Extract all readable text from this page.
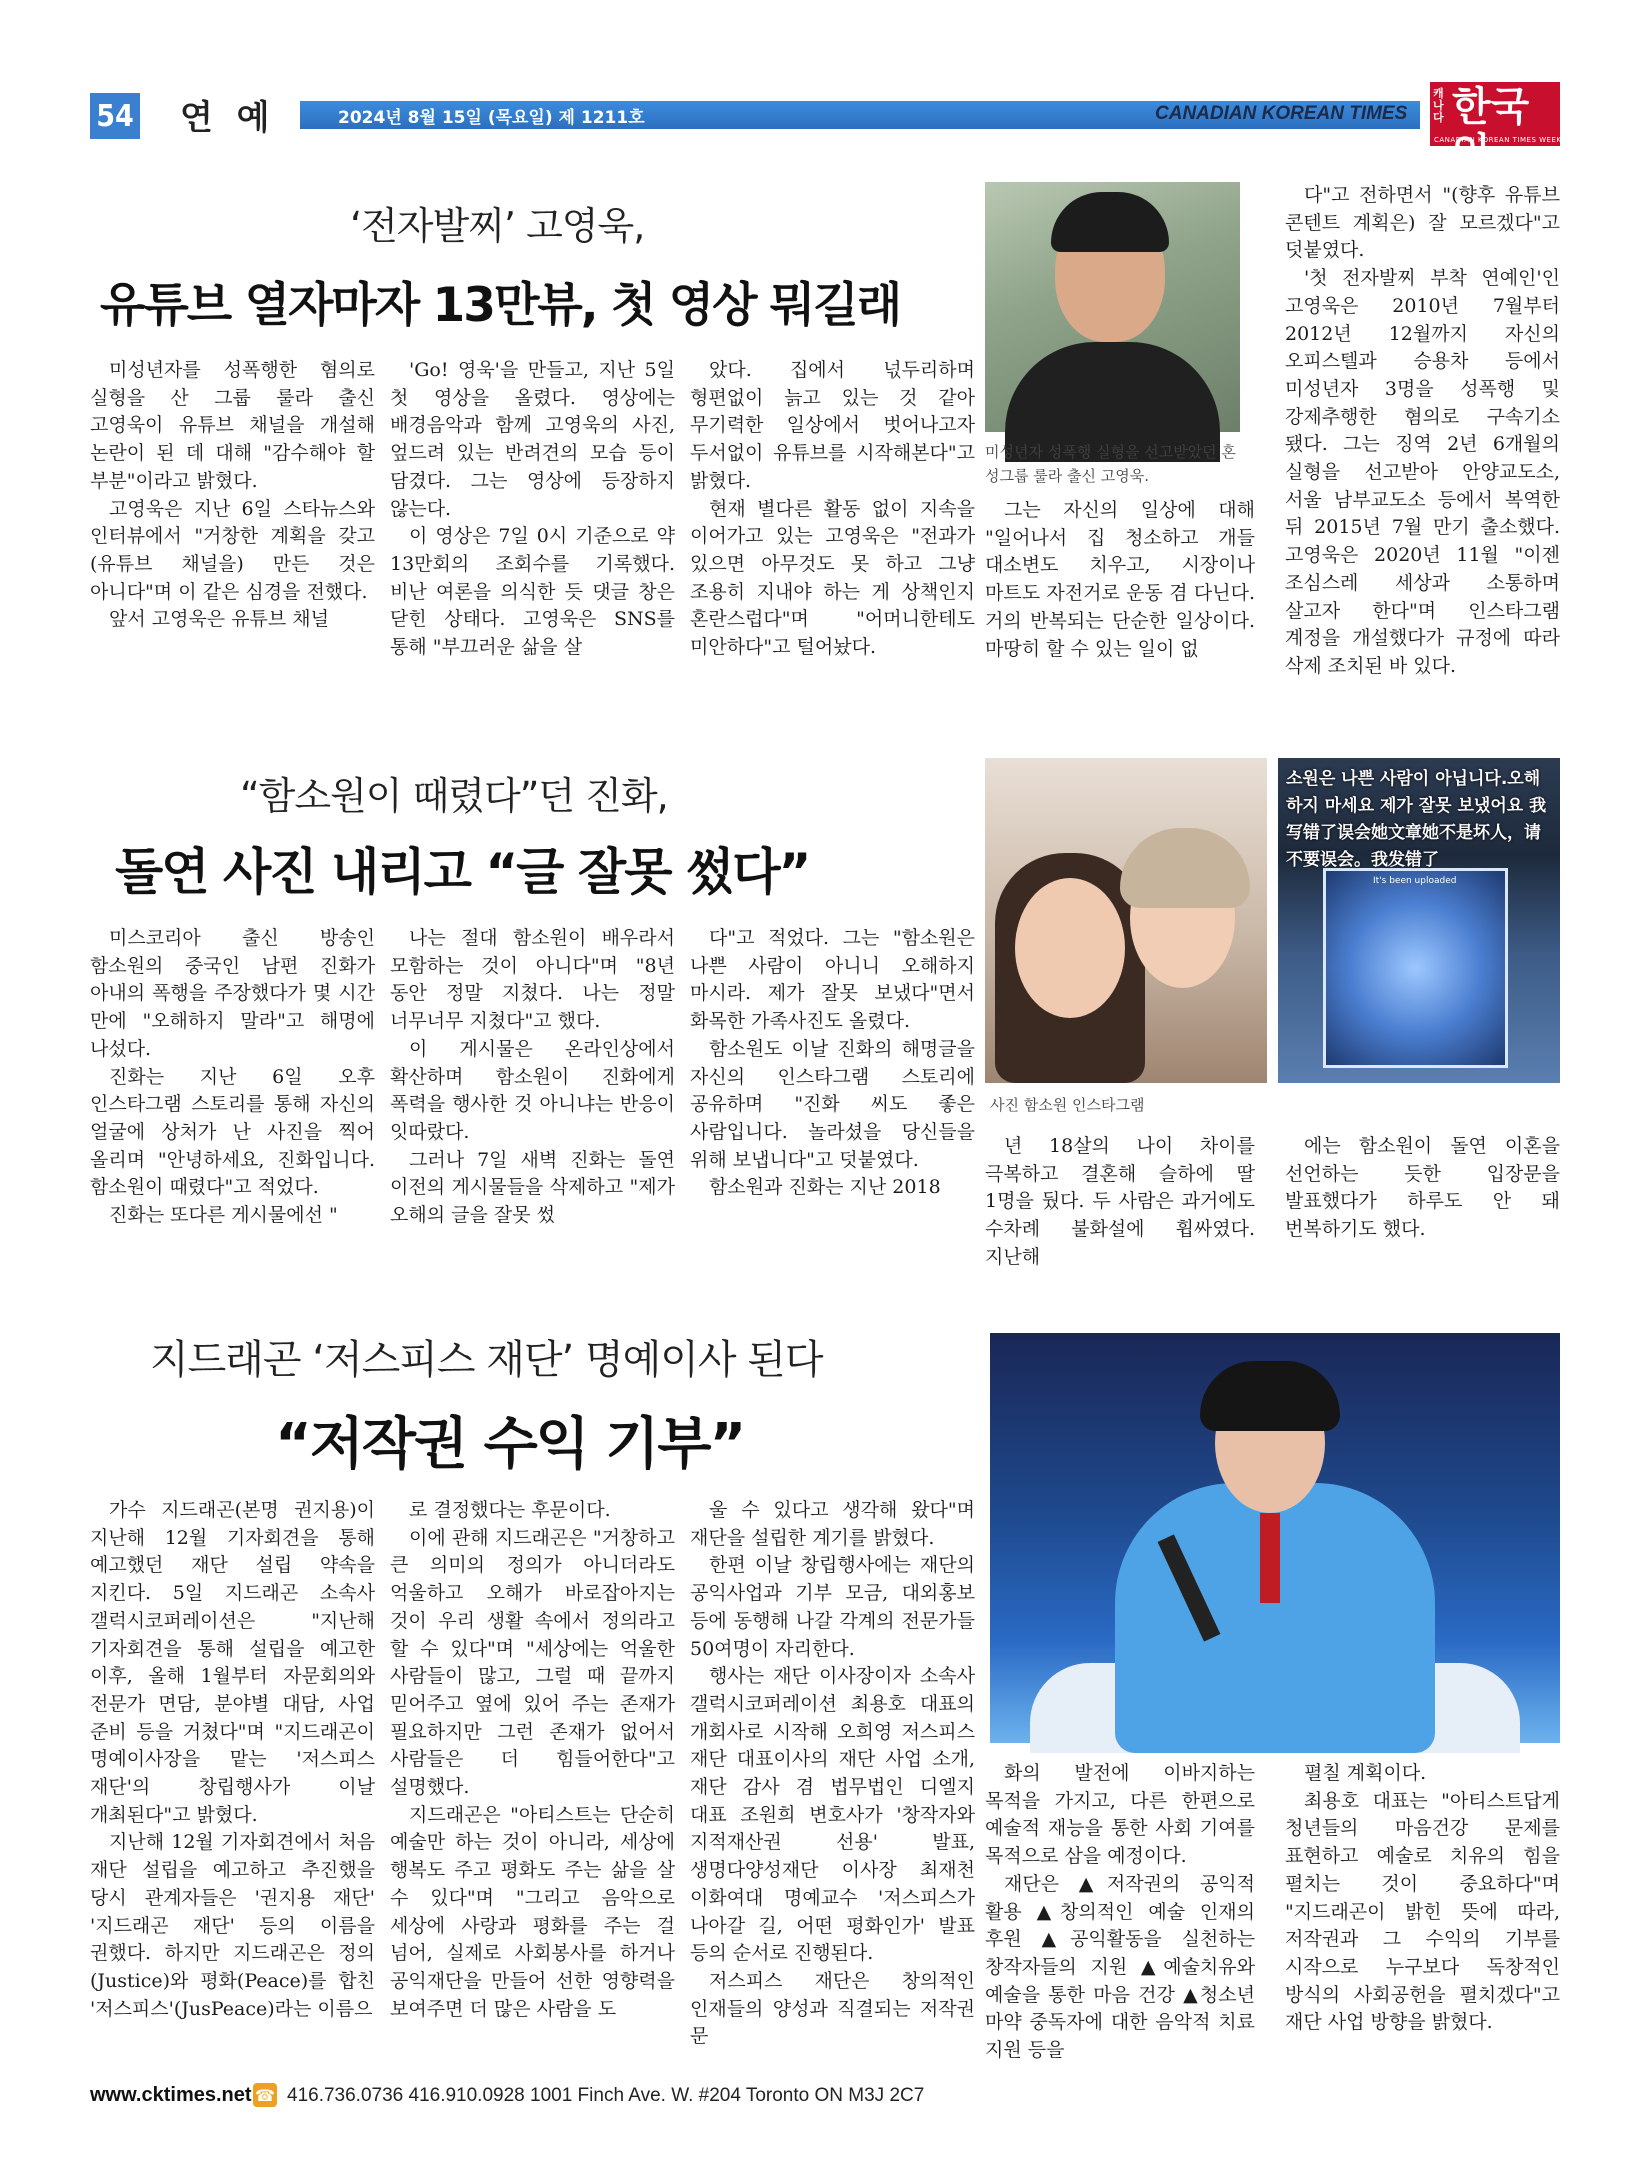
54 연 예	2024년 8월 15일 (목요일) 제 1211호	CANADIAN KOREAN TIMES
캐나다 한국인
CANADIAN KOREAN TIMES WEEKLY
‘전자발찌’ 고영욱,
유튜브 열자마자 13만뷰, 첫 영상 뭐길래

미성년자를 성폭행한 혐의로 실형을 산 그룹 룰라 출신 고영욱이 유튜브 채널을 개설해 논란이 된 데 대해 "감수해야 할 부분"이라고 밝혔다.

고영욱은 지난 6일 스타뉴스와 인터뷰에서 "거창한 계획을 갖고 (유튜브 채널을) 만든 것은 아니다"며 이 같은 심경을 전했다.

앞서 고영욱은 유튜브 채널

'Go! 영욱'을 만들고, 지난 5일 첫 영상을 올렸다. 영상에는 배경음악과 함께 고영욱의 사진, 엎드려 있는 반려견의 모습 등이 담겼다. 그는 영상에 등장하지 않는다.

이 영상은 7일 0시 기준으로 약 13만회의 조회수를 기록했다. 비난 여론을 의식한 듯 댓글 창은 닫힌 상태다. 고영욱은 SNS를 통해 "부끄러운 삶을 살

았다. 집에서 넋두리하며 형편없이 늙고 있는 것 같아 무기력한 일상에서 벗어나고자 두서없이 유튜브를 시작해본다"고 밝혔다.

현재 별다른 활동 없이 지속을 이어가고 있는 고영욱은 "전과가 있으면 아무것도 못 하고 그냥 조용히 지내야 하는 게 상책인지 혼란스럽다"며 "어머니한테도 미안하다"고 털어놨다.

미성년자 성폭행 실형을 선고받았던 혼성그룹 룰라 출신 고영욱.

그는 자신의 일상에 대해 "일어나서 집 청소하고 개들 대소변도 치우고, 시장이나 마트도 자전거로 운동 겸 다닌다. 거의 반복되는 단순한 일상이다. 마땅히 할 수 있는 일이 없

다"고 전하면서 "(향후 유튜브 콘텐트 계획은) 잘 모르겠다"고 덧붙였다.

'첫 전자발찌 부착 연예인'인 고영욱은 2010년 7월부터 2012년 12월까지 자신의 오피스텔과 승용차 등에서 미성년자 3명을 성폭행 및 강제추행한 혐의로 구속기소 됐다. 그는 징역 2년 6개월의 실형을 선고받아 안양교도소, 서울 남부교도소 등에서 복역한 뒤 2015년 7월 만기 출소했다. 고영욱은 2020년 11월 "이젠 조심스레 세상과 소통하며 살고자 한다"며 인스타그램 계정을 개설했다가 규정에 따라 삭제 조치된 바 있다.

“함소원이 때렸다”던 진화,
돌연 사진 내리고 “글 잘못 썼다”

미스코리아 출신 방송인 함소원의 중국인 남편 진화가 아내의 폭행을 주장했다가 몇 시간 만에 "오해하지 말라"고 해명에 나섰다.

진화는 지난 6일 오후 인스타그램 스토리를 통해 자신의 얼굴에 상처가 난 사진을 찍어 올리며 "안녕하세요, 진화입니다. 함소원이 때렸다"고 적었다.

진화는 또다른 게시물에선 "

나는 절대 함소원이 배우라서 모함하는 것이 아니다"며 "8년 동안 정말 지쳤다. 나는 정말 너무너무 지쳤다"고 했다.

이 게시물은 온라인상에서 확산하며 함소원이 진화에게 폭력을 행사한 것 아니냐는 반응이 잇따랐다.

그러나 7일 새벽 진화는 돌연 이전의 게시물들을 삭제하고 "제가 오해의 글을 잘못 썼

다"고 적었다. 그는 "함소원은 나쁜 사람이 아니니 오해하지 마시라. 제가 잘못 보냈다"면서 화목한 가족사진도 올렸다.

함소원도 이날 진화의 해명글을 자신의 인스타그램 스토리에 공유하며 "진화 씨도 좋은 사람입니다. 놀라셨을 당신들을 위해 보냅니다"고 덧붙였다.

함소원과 진화는 지난 2018

It's been uploaded
소원은 나쁜 사람이 아닙니다.오해하지 마세요 제가 잘못 보냈어요 我写错了误会她文章她不是坏人，请不要误会。我发错了
사진 함소원 인스타그램

년 18살의 나이 차이를 극복하고 결혼해 슬하에 딸 1명을 뒀다. 두 사람은 과거에도 수차례 불화설에 휩싸였다. 지난해

에는 함소원이 돌연 이혼을 선언하는 듯한 입장문을 발표했다가 하루도 안 돼 번복하기도 했다.

지드래곤 ‘저스피스 재단’ 명예이사 된다
“저작권 수익 기부”

가수 지드래곤(본명 권지용)이 지난해 12월 기자회견을 통해 예고했던 재단 설립 약속을 지킨다. 5일 지드래곤 소속사 갤럭시코퍼레이션은 "지난해 기자회견을 통해 설립을 예고한 이후, 올해 1월부터 자문회의와 전문가 면담, 분야별 대담, 사업 준비 등을 거쳤다"며 "지드래곤이 명예이사장을 맡는 '저스피스 재단'의 창립행사가 이날 개최된다"고 밝혔다.

지난해 12월 기자회견에서 처음 재단 설립을 예고하고 추진했을 당시 관계자들은 '권지용 재단' '지드래곤 재단' 등의 이름을 권했다. 하지만 지드래곤은 정의(Justice)와 평화(Peace)를 합친 '저스피스'(JusPeace)라는 이름으

로 결정했다는 후문이다.

이에 관해 지드래곤은 "거창하고 큰 의미의 정의가 아니더라도 억울하고 오해가 바로잡아지는 것이 우리 생활 속에서 정의라고 할 수 있다"며 "세상에는 억울한 사람들이 많고, 그럴 때 끝까지 믿어주고 옆에 있어 주는 존재가 필요하지만 그런 존재가 없어서 사람들은 더 힘들어한다"고 설명했다.

지드래곤은 "아티스트는 단순히 예술만 하는 것이 아니라, 세상에 행복도 주고 평화도 주는 삶을 살 수 있다"며 "그리고 음악으로 세상에 사랑과 평화를 주는 걸 넘어, 실제로 사회봉사를 하거나 공익재단을 만들어 선한 영향력을 보여주면 더 많은 사람을 도

울 수 있다고 생각해 왔다"며 재단을 설립한 계기를 밝혔다.

한편 이날 창립행사에는 재단의 공익사업과 기부 모금, 대외홍보 등에 동행해 나갈 각계의 전문가들 50여명이 자리한다.

행사는 재단 이사장이자 소속사 갤럭시코퍼레이션 최용호 대표의 개회사로 시작해 오희영 저스피스 재단 대표이사의 재단 사업 소개, 재단 감사 겸 법무법인 디엘지 대표 조원희 변호사가 '창작자와 지적재산권 선용' 발표, 생명다양성재단 이사장 최재천 이화여대 명예교수 '저스피스가 나아갈 길, 어떤 평화인가' 발표 등의 순서로 진행된다.

저스피스 재단은 창의적인 인재들의 양성과 직결되는 저작권 문

화의 발전에 이바지하는 목적을 가지고, 다른 한편으로 예술적 재능을 통한 사회 기여를 목적으로 삼을 예정이다.

재단은 ▲저작권의 공익적 활용 ▲창의적인 예술 인재의 후원 ▲공익활동을 실천하는 창작자들의 지원 ▲예술치유와 예술을 통한 마음 건강 ▲청소년 마약 중독자에 대한 음악적 치료 지원 등을

펼칠 계획이다.

최용호 대표는 "아티스트답게 청년들의 마음건강 문제를 표현하고 예술로 치유의 힘을 펼치는 것이 중요하다"며 "지드래곤이 밝힌 뜻에 따라, 저작권과 그 수익의 기부를 시작으로 누구보다 독창적인 방식의 사회공헌을 펼치겠다"고 재단 사업 방향을 밝혔다.

www.cktimes.net ☎ 416.736.0736 416.910.0928 1001 Finch Ave. W. #204 Toronto ON M3J 2C7
